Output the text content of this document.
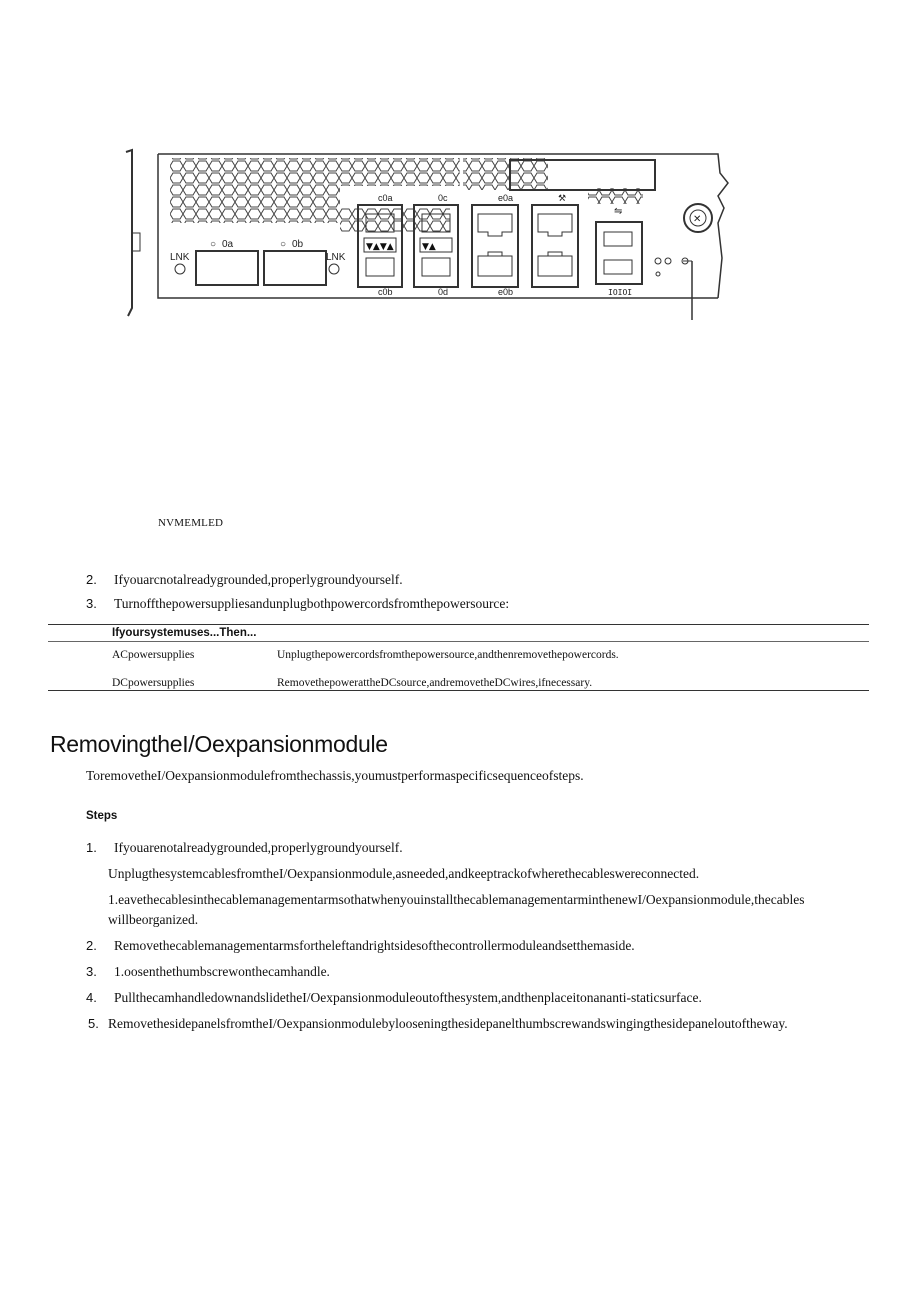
LNK
○ 0a	○ 0b
LNK
c0a
▼▲▼▲
c0b
0c
▼▲
0d
e0a
e0b
⚒
⇋
IOIOI
✕
NVMEMLED
2. Ifyouarcnotalreadygrounded,properlygroundyourself.
3. Turnoffthepowersuppliesandunplugbothpowercordsfromthepowersource:
Ifyoursystemuses...Then...
ACpowersupplies	Unplugthepowercordsfromthepowersource,andthenremovethepowercords.
DCpowersupplies	RemovethepowerattheDCsource,andremovetheDCwires,ifnecessary.
RemovingtheI/Oexpansionmodule
ToremovetheI/Oexpansionmodulefromthechassis,youmustperformaspecificsequenceofsteps.
Steps
1. Ifyouarenotalreadygrounded,properlygroundyourself.
UnplugthesystemcablesfromtheI/Oexpansionmodule,asneeded,andkeeptrackofwherethecableswereconnected.
1.eavethecablesinthecablemanagementarmsothatwhenyouinstallthecablemanagementarminthenewI/Oexpansionmodule,thecables
willbeorganized.
2. Removethecablemanagementarmsfortheleftandrightsidesofthecontrollermoduleandsetthemaside.
3. 1.oosenthethumbscrewonthecamhandle.
4. PullthecamhandledownandslidetheI/Oexpansionmoduleoutofthesystem,andthenplaceitonananti-staticsurface.
5. RemovethesidepanelsfromtheI/Oexpansionmodulebylooseningthesidepanelthumbscrewandswingingthesidepaneloutoftheway.
